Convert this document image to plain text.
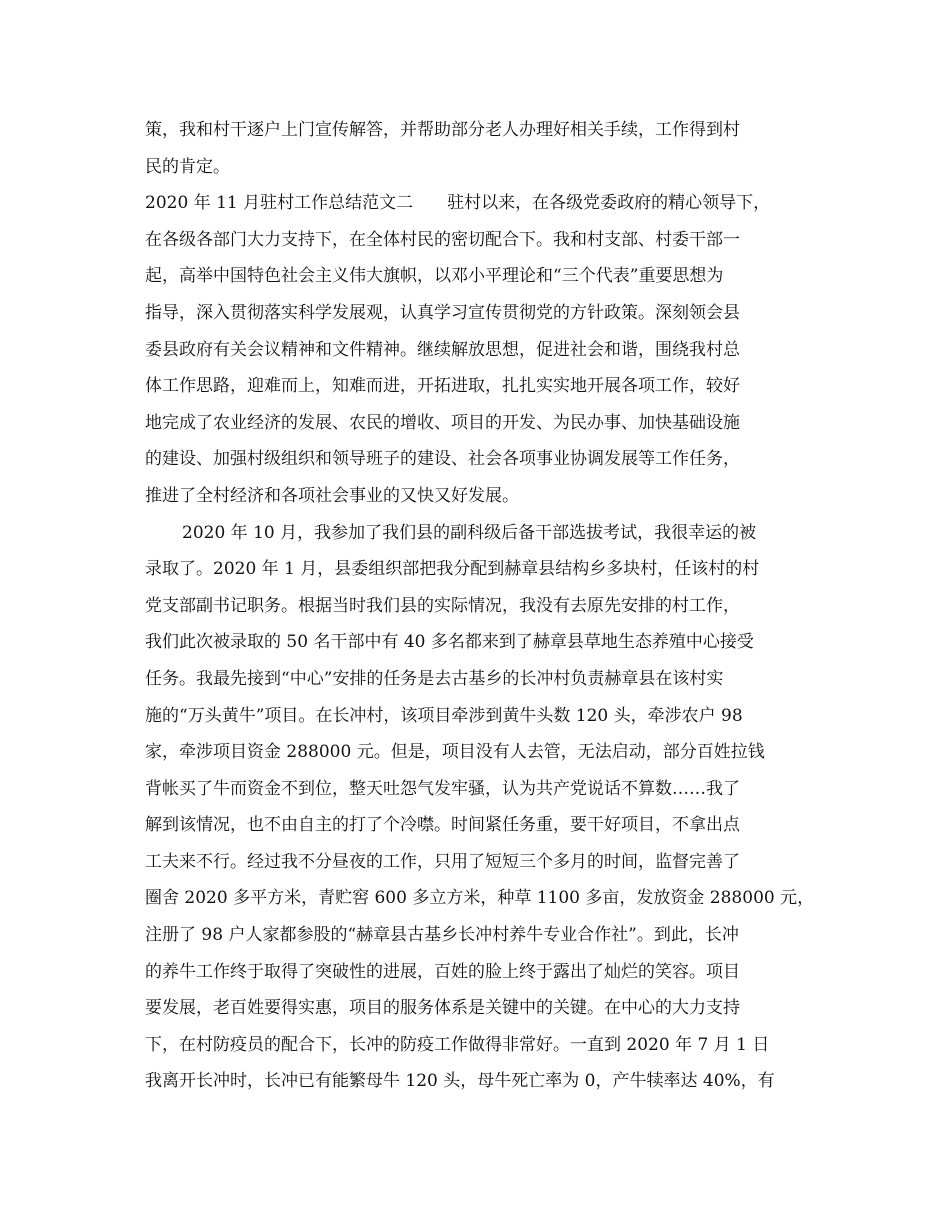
策，我和村干逐户上门宣传解答，并帮助部分老人办理好相关手续，工作得到村
民的肯定。
2020 年 11 月驻村工作总结范文二　　驻村以来，在各级党委政府的精心领导下，
在各级各部门大力支持下，在全体村民的密切配合下。我和村支部、村委干部一
起，高举中国特色社会主义伟大旗帜，以邓小平理论和“三个代表”重要思想为
指导，深入贯彻落实科学发展观，认真学习宣传贯彻党的方针政策。深刻领会县
委县政府有关会议精神和文件精神。继续解放思想，促进社会和谐，围绕我村总
体工作思路，迎难而上，知难而进，开拓进取，扎扎实实地开展各项工作，较好
地完成了农业经济的发展、农民的增收、项目的开发、为民办事、加快基础设施
的建设、加强村级组织和领导班子的建设、社会各项事业协调发展等工作任务，
推进了全村经济和各项社会事业的又快又好发展。
2020 年 10 月，我参加了我们县的副科级后备干部选拔考试，我很幸运的被
录取了。2020 年 1 月，县委组织部把我分配到赫章县结构乡多块村，任该村的村
党支部副书记职务。根据当时我们县的实际情况，我没有去原先安排的村工作，
我们此次被录取的 50 名干部中有 40 多名都来到了赫章县草地生态养殖中心接受
任务。我最先接到“中心”安排的任务是去古基乡的长冲村负责赫章县在该村实
施的“万头黄牛”项目。在长冲村，该项目牵涉到黄牛头数 120 头，牵涉农户 98
家，牵涉项目资金 288000 元。但是，项目没有人去管，无法启动，部分百姓拉钱
背帐买了牛而资金不到位，整天吐怨气发牢骚，认为共产党说话不算数……我了
解到该情况，也不由自主的打了个冷噤。时间紧任务重，要干好项目，不拿出点
工夫来不行。经过我不分昼夜的工作，只用了短短三个多月的时间，监督完善了
圈舍 2020 多平方米，青贮窖 600 多立方米，种草 1100 多亩，发放资金 288000 元，
注册了 98 户人家都参股的“赫章县古基乡长冲村养牛专业合作社”。到此，长冲
的养牛工作终于取得了突破性的进展，百姓的脸上终于露出了灿烂的笑容。项目
要发展，老百姓要得实惠，项目的服务体系是关键中的关键。在中心的大力支持
下，在村防疫员的配合下，长冲的防疫工作做得非常好。一直到 2020 年 7 月 1 日
我离开长冲时，长冲已有能繁母牛 120 头，母牛死亡率为 0，产牛犊率达 40%，有
